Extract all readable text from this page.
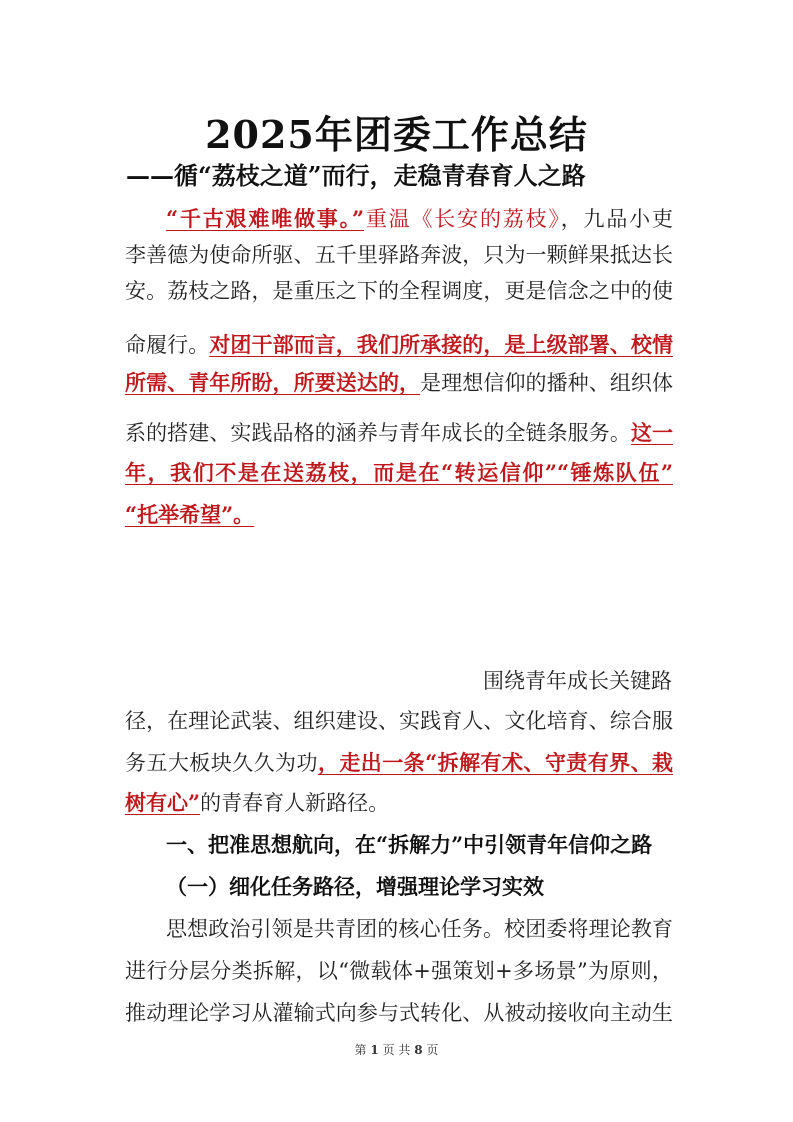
2025年团委工作总结
——循“荔枝之道”而行，走稳青春育人之路
“千古艰难唯做事。”重温《长安的荔枝》，九品小吏
李善德为使命所驱、五千里驿路奔波，只为一颗鲜果抵达长
安。荔枝之路，是重压之下的全程调度，更是信念之中的使
命履行。对团干部而言，我们所承接的，是上级部署、校情
所需、青年所盼，所要送达的，是理想信仰的播种、组织体
系的搭建、实践品格的涵养与青年成长的全链条服务。这一
年，我们不是在送荔枝，而是在“转运信仰”“锤炼队伍”
“托举希望”。
围绕青年成长关键路
径，在理论武装、组织建设、实践育人、文化培育、综合服
务五大板块久久为功，走出一条“拆解有术、守责有界、栽
树有心”的青春育人新路径。
一、把准思想航向，在“拆解力”中引领青年信仰之路
（一）细化任务路径，增强理论学习实效
思想政治引领是共青团的核心任务。校团委将理论教育
进行分层分类拆解，以“微载体+强策划+多场景”为原则，
推动理论学习从灌输式向参与式转化、从被动接收向主动生
第 1 页 共 8 页
